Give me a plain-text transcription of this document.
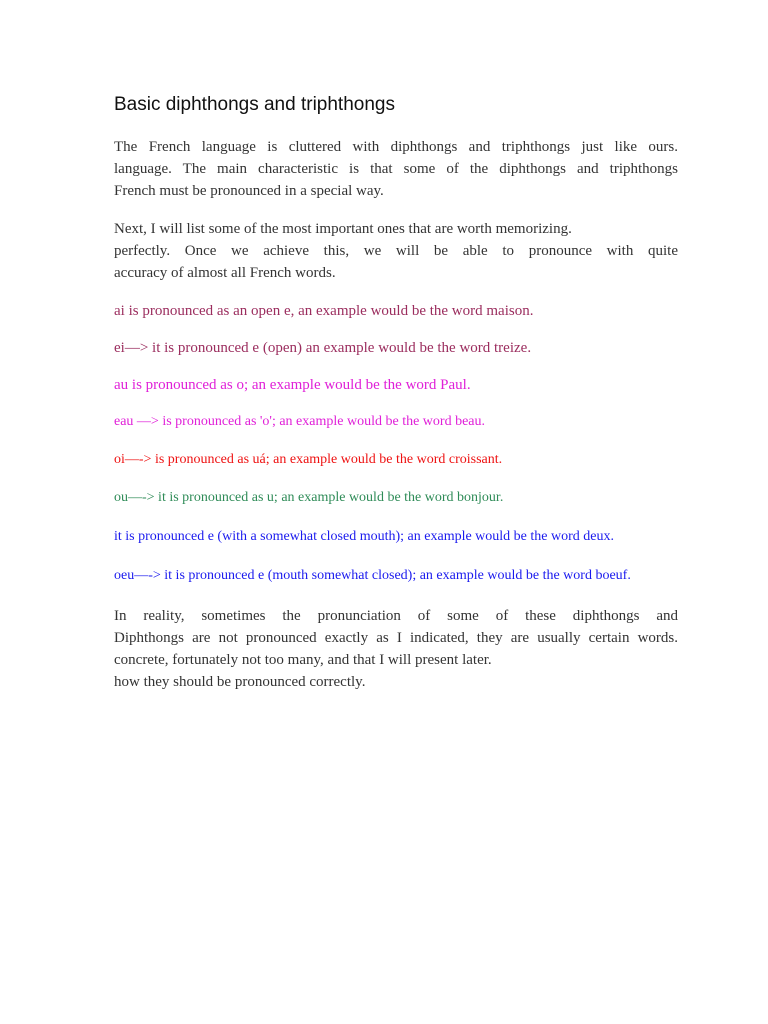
Basic diphthongs and triphthongs

The French language is cluttered with diphthongs and triphthongs just like ours.
language. The main characteristic is that some of the diphthongs and triphthongs
French must be pronounced in a special way.

Next, I will list some of the most important ones that are worth memorizing.
perfectly. Once we achieve this, we will be able to pronounce with quite
accuracy of almost all French words.

ai is pronounced as an open e, an example would be the word maison.

ei—> it is pronounced e (open) an example would be the word treize.

au is pronounced as o; an example would be the word Paul.

eau —> is pronounced as 'o'; an example would be the word beau.

oi—-> is pronounced as uá; an example would be the word croissant.

ou—-> it is pronounced as u; an example would be the word bonjour.

it is pronounced e (with a somewhat closed mouth); an example would be the word deux.

oeu—-> it is pronounced e (mouth somewhat closed); an example would be the word boeuf.

In reality, sometimes the pronunciation of some of these diphthongs and
Diphthongs are not pronounced exactly as I indicated, they are usually certain words.
concrete, fortunately not too many, and that I will present later.
how they should be pronounced correctly.
